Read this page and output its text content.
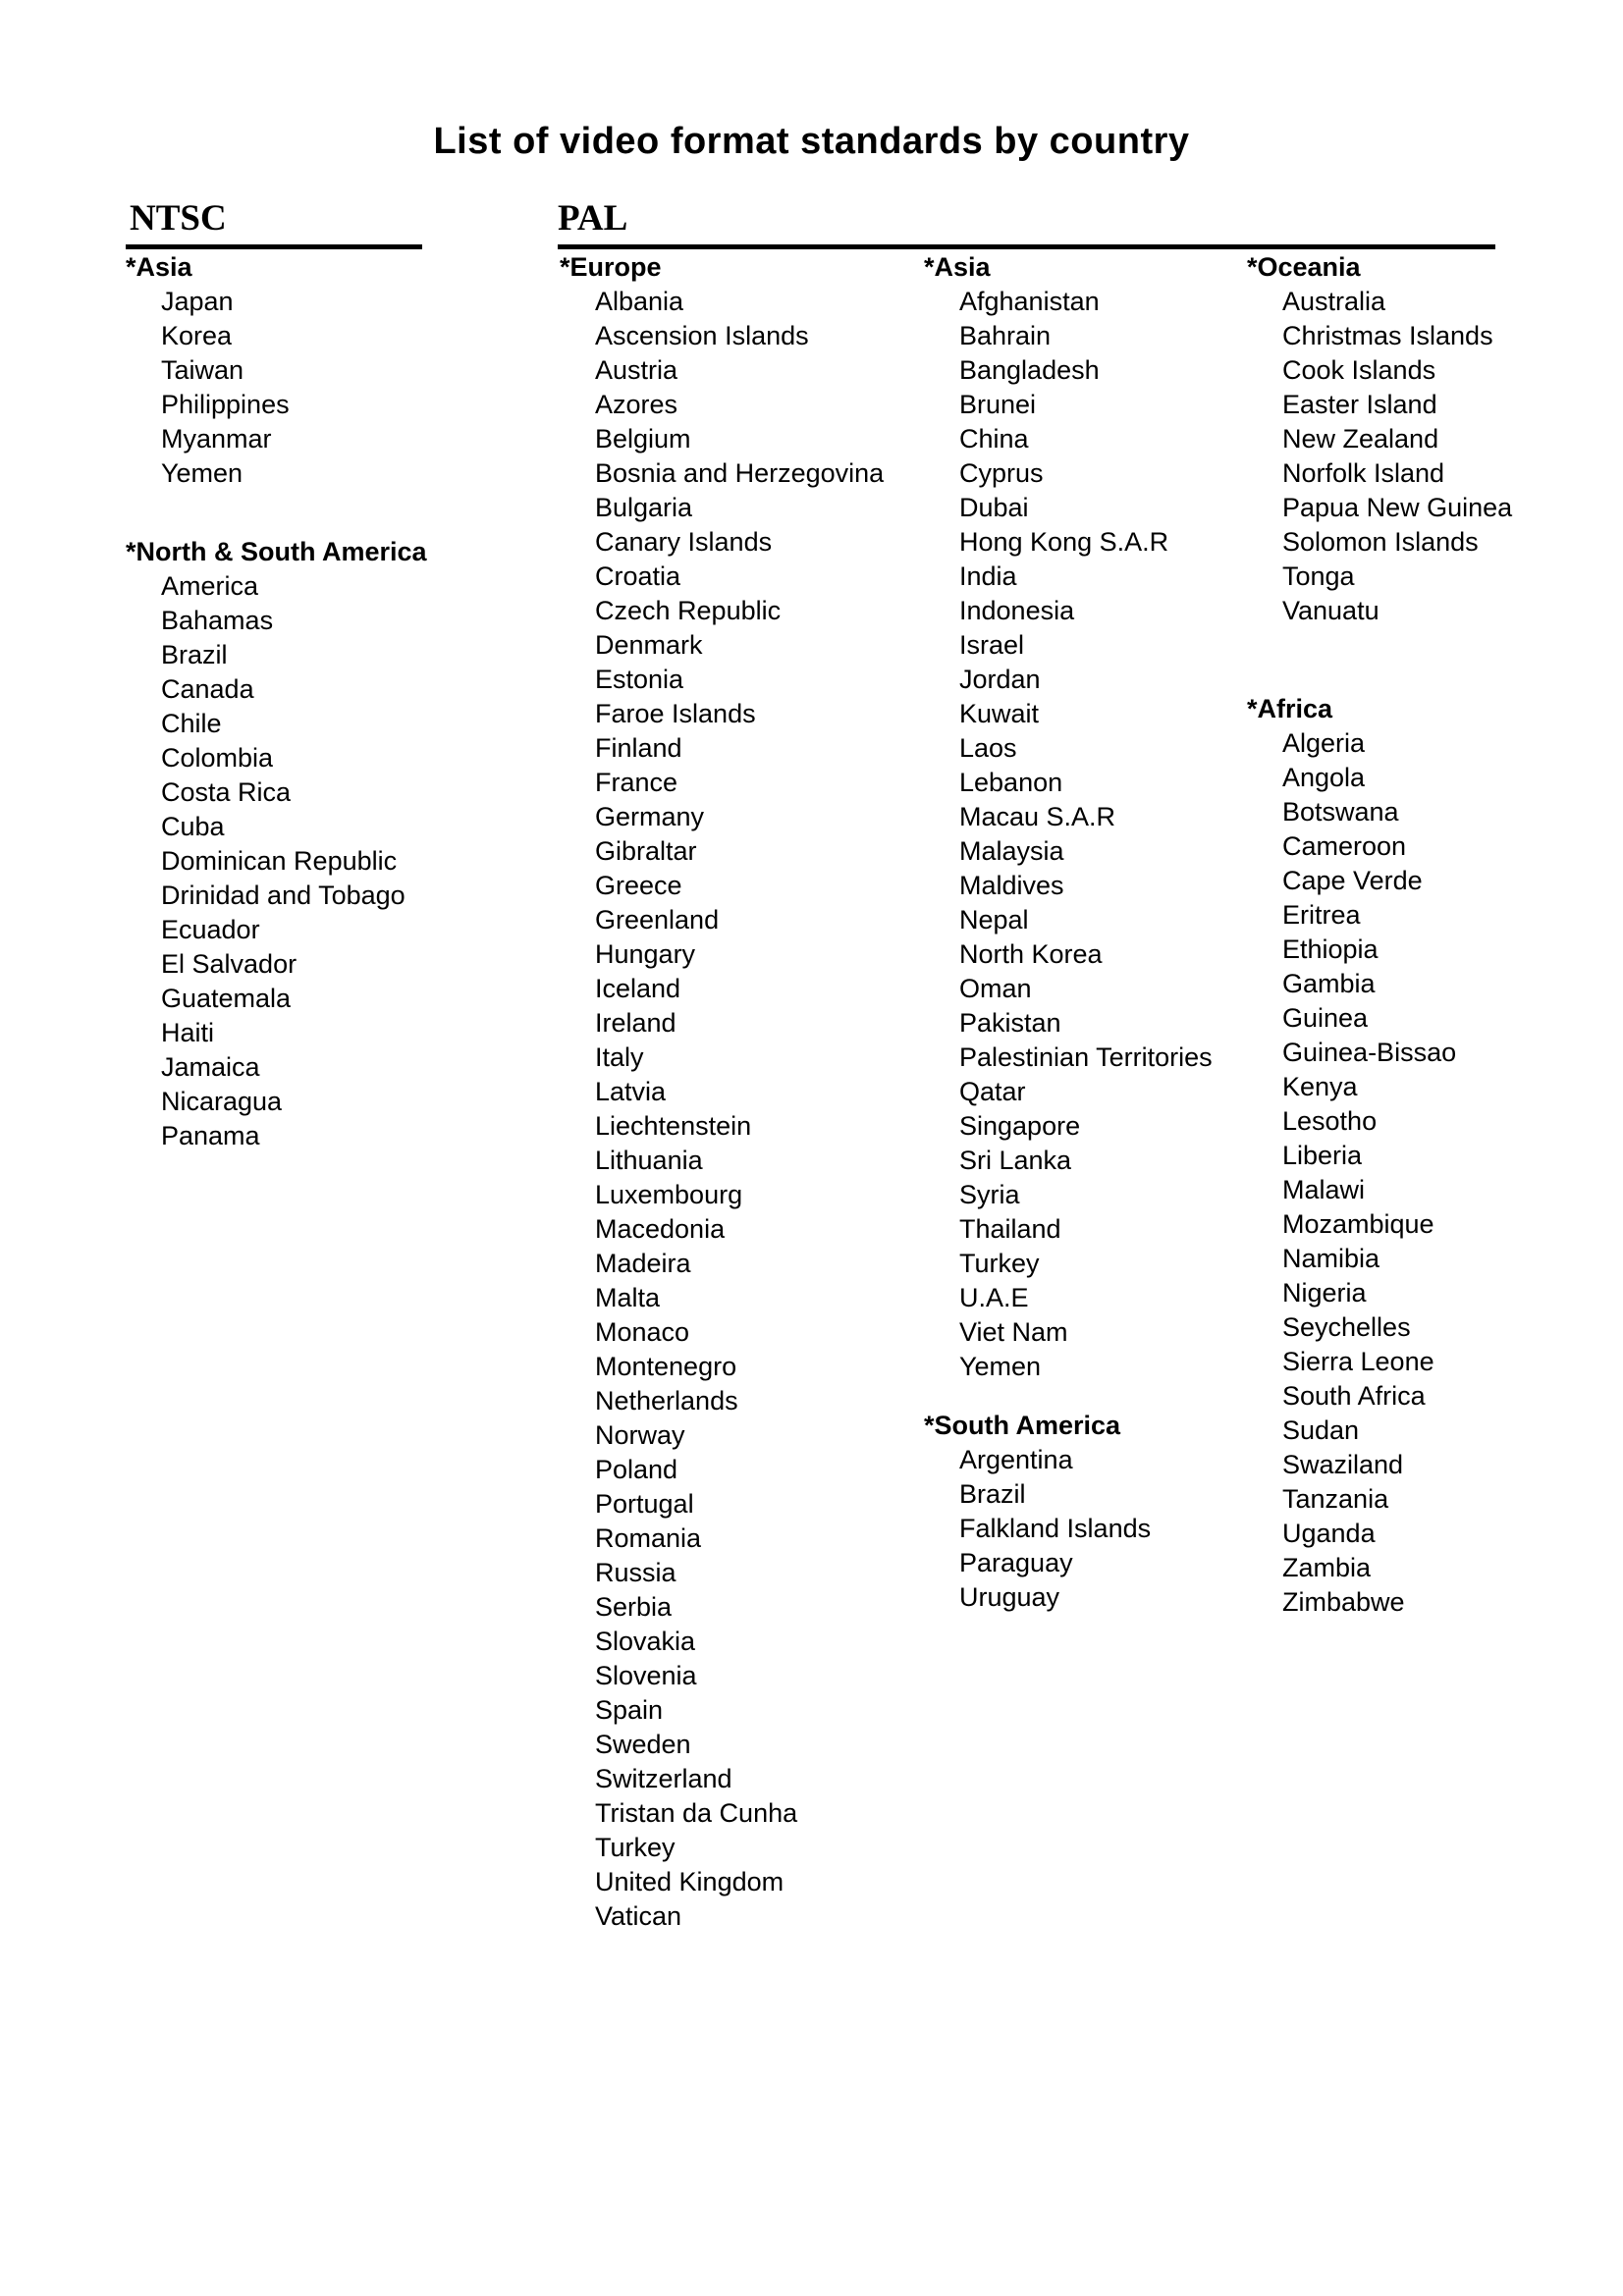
List of video format standards by country
NTSC	PAL
*Asia
Japan
Korea
Taiwan
Philippines
Myanmar
Yemen
*North & South America
America
Bahamas
Brazil
Canada
Chile
Colombia
Costa Rica
Cuba
Dominican Republic
Drinidad and Tobago
Ecuador
El Salvador
Guatemala
Haiti
Jamaica
Nicaragua
Panama
*Europe
Albania
Ascension Islands
Austria
Azores
Belgium
Bosnia and Herzegovina
Bulgaria
Canary Islands
Croatia
Czech Republic
Denmark
Estonia
Faroe Islands
Finland
France
Germany
Gibraltar
Greece
Greenland
Hungary
Iceland
Ireland
Italy
Latvia
Liechtenstein
Lithuania
Luxembourg
Macedonia
Madeira
Malta
Monaco
Montenegro
Netherlands
Norway
Poland
Portugal
Romania
Russia
Serbia
Slovakia
Slovenia
Spain
Sweden
Switzerland
Tristan da Cunha
Turkey
United Kingdom
Vatican
*Asia
Afghanistan
Bahrain
Bangladesh
Brunei
China
Cyprus
Dubai
Hong Kong S.A.R
India
Indonesia
Israel
Jordan
Kuwait
Laos
Lebanon
Macau S.A.R
Malaysia
Maldives
Nepal
North Korea
Oman
Pakistan
Palestinian Territories
Qatar
Singapore
Sri Lanka
Syria
Thailand
Turkey
U.A.E
Viet Nam
Yemen
*South America
Argentina
Brazil
Falkland Islands
Paraguay
Uruguay
*Oceania
Australia
Christmas Islands
Cook Islands
Easter Island
New Zealand
Norfolk Island
Papua New Guinea
Solomon Islands
Tonga
Vanuatu
*Africa
Algeria
Angola
Botswana
Cameroon
Cape Verde
Eritrea
Ethiopia
Gambia
Guinea
Guinea-Bissao
Kenya
Lesotho
Liberia
Malawi
Mozambique
Namibia
Nigeria
Seychelles
Sierra Leone
South Africa
Sudan
Swaziland
Tanzania
Uganda
Zambia
Zimbabwe
